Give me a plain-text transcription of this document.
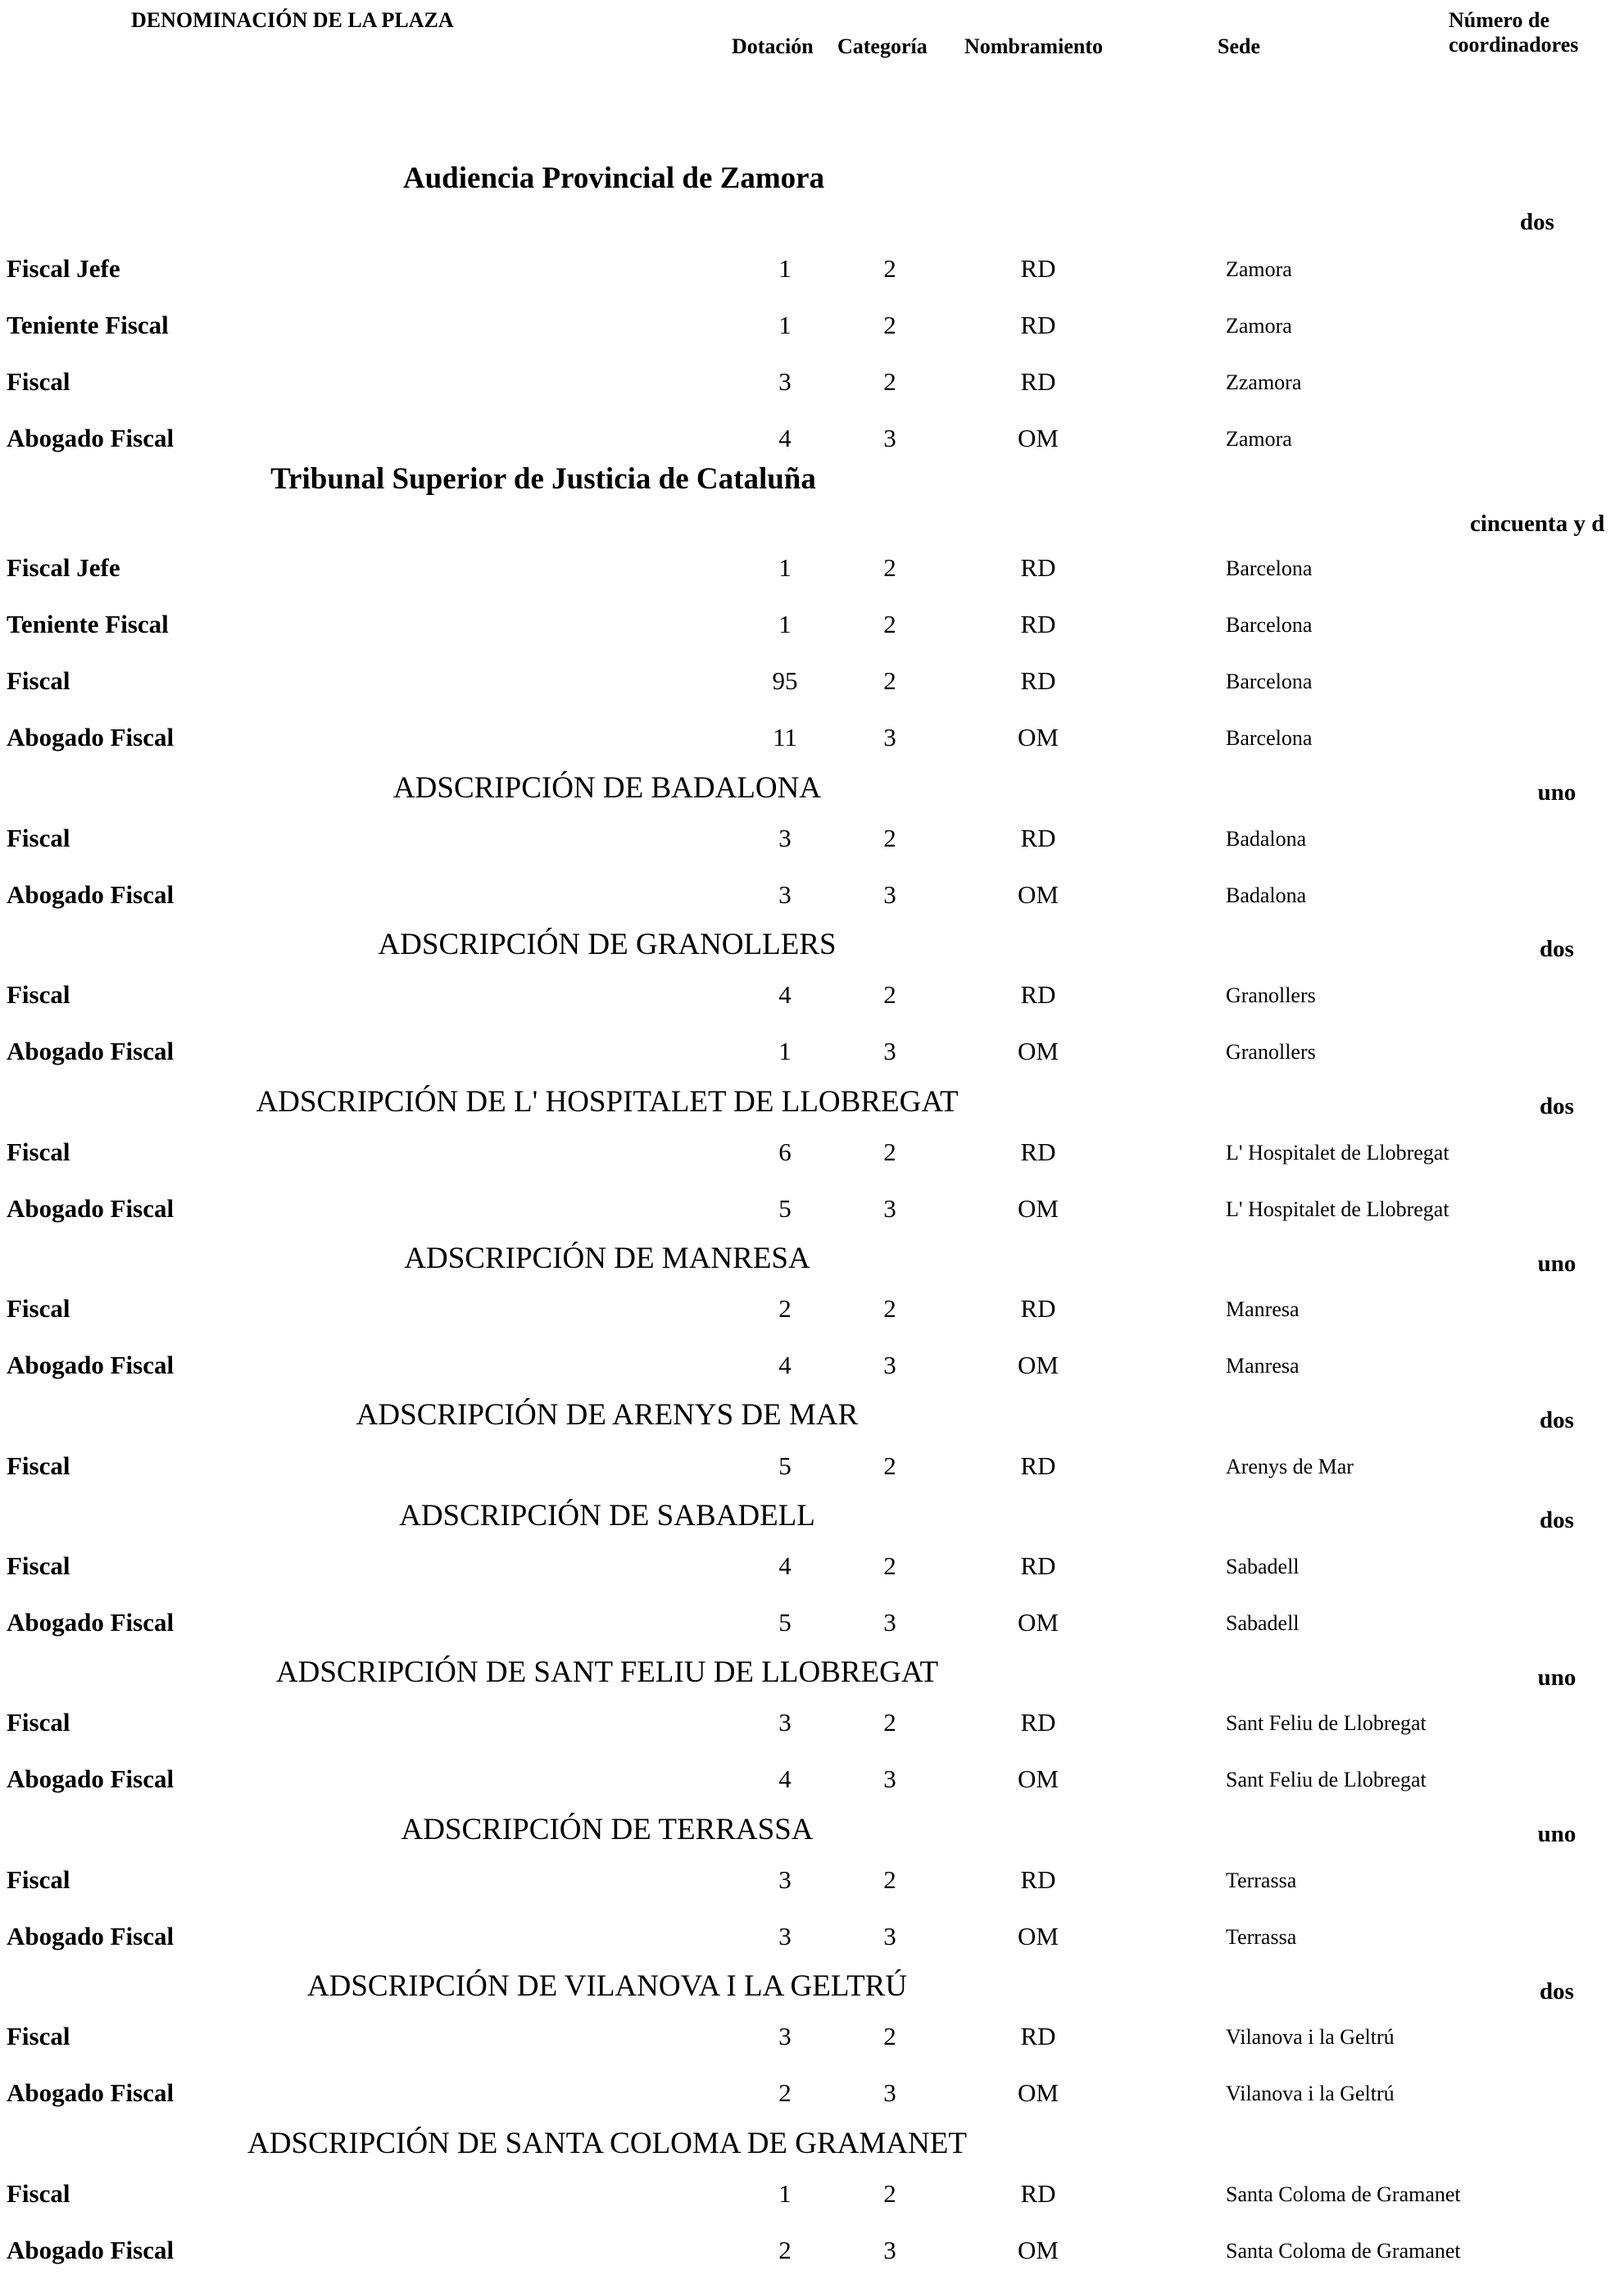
DENOMINACIÓN DE LA PLAZA
Dotación Categoría Nombramiento	Sede
Número de
coordinadores
Audiencia Provincial de Zamora
dos
Fiscal Jefe	1	2	RD	Zamora
Teniente Fiscal	1	2	RD	Zamora
Fiscal	3	2	RD	Zzamora
Abogado Fiscal	4	3	OM	Zamora
Tribunal Superior de Justicia de Cataluña
cincuenta y d
Fiscal Jefe	1	2	RD	Barcelona
Teniente Fiscal	1	2	RD	Barcelona
Fiscal	95	2	RD	Barcelona
Abogado Fiscal	11	3	OM	Barcelona
ADSCRIPCIÓN DE BADALONA	uno
Fiscal	3	2	RD	Badalona
Abogado Fiscal	3	3	OM	Badalona
ADSCRIPCIÓN DE GRANOLLERS	dos
Fiscal	4	2	RD	Granollers
Abogado Fiscal	1	3	OM	Granollers
ADSCRIPCIÓN DE L' HOSPITALET DE LLOBREGAT	dos
Fiscal	6	2	RD	L' Hospitalet de Llobregat
Abogado Fiscal	5	3	OM	L' Hospitalet de Llobregat
ADSCRIPCIÓN DE MANRESA	uno
Fiscal	2	2	RD	Manresa
Abogado Fiscal	4	3	OM	Manresa
ADSCRIPCIÓN DE ARENYS DE MAR	dos
Fiscal	5	2	RD	Arenys de Mar
ADSCRIPCIÓN DE SABADELL	dos
Fiscal	4	2	RD	Sabadell
Abogado Fiscal	5	3	OM	Sabadell
ADSCRIPCIÓN DE SANT FELIU DE LLOBREGAT	uno
Fiscal	3	2	RD	Sant Feliu de Llobregat
Abogado Fiscal	4	3	OM	Sant Feliu de Llobregat
ADSCRIPCIÓN DE TERRASSA	uno
Fiscal	3	2	RD	Terrassa
Abogado Fiscal	3	3	OM	Terrassa
ADSCRIPCIÓN DE VILANOVA I LA GELTRÚ	dos
Fiscal	3	2	RD	Vilanova i la Geltrú
Abogado Fiscal	2	3	OM	Vilanova i la Geltrú
ADSCRIPCIÓN DE SANTA COLOMA DE GRAMANET
Fiscal	1	2	RD	Santa Coloma de Gramanet
Abogado Fiscal	2	3	OM	Santa Coloma de Gramanet
